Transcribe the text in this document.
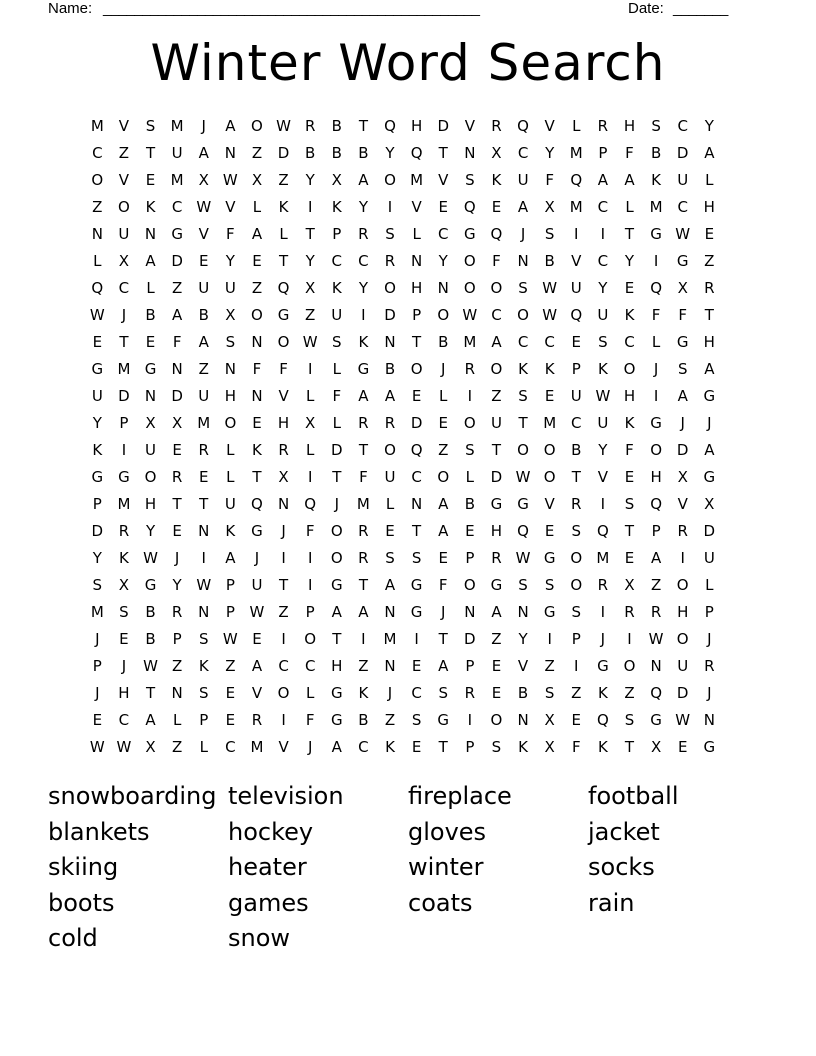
Name: ________________________________________________	Date: _______
Winter Word Search
M V S M J A O W R B T Q H D V R Q V L R H S C Y
C Z T U A N Z D B B B Y Q T N X C Y M P F B D A
O V E M X W X Z Y X A O M V S K U F Q A A K U L
Z O K C W V L K I K Y I V E Q E A X M C L M C H
N U N G V F A L T P R S L C G Q J S I I T G W E
L X A D E Y E T Y C C R N Y O F N B V C Y I G Z
Q C L Z U U Z Q X K Y O H N O O S W U Y E Q X R
W J B A B X O G Z U I D P O W C O W Q U K F F T
E T E F A S N O W S K N T B M A C C E S C L G H
G M G N Z N F F I L G B O J R O K K P K O J S A
U D N D U H N V L F A A E L I Z S E U W H I A G
Y P X X M O E H X L R R D E O U T M C U K G J J
K I U E R L K R L D T O Q Z S T O O B Y F O D A
G G O R E L T X I T F U C O L D W O T V E H X G
P M H T T U Q N Q J M L N A B G G V R I S Q V X
D R Y E N K G J F O R E T A E H Q E S Q T P R D
Y K W J I A J I I O R S S E P R W G O M E A I U
S X G Y W P U T I G T A G F O G S S O R X Z O L
M S B R N P W Z P A A N G J N A N G S I R R H P
J E B P S W E I O T I M I T D Z Y I P J I W O J
P J W Z K Z A C C H Z N E A P E V Z I G O N U R
J H T N S E V O L G K J C S R E B S Z K Z Q D J
E C A L P E R I F G B Z S G I O N X E Q S G W N
W W X Z L C M V J A C K E T P S K X F K T X E G
snowboarding television	fireplace	football
blankets	hockey	gloves	jacket
skiing	heater	winter	socks
boots	games	coats	rain
cold	snow
